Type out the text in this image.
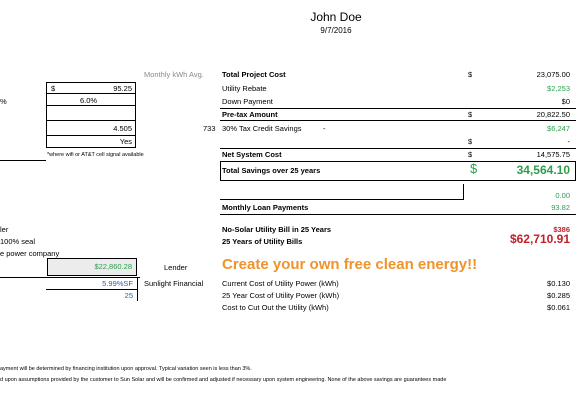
John Doe
9/7/2016
Monthly kWh Avg.
%
$	95.25
6.0%
4.505
Yes
*where wifi or AT&T cell signal available
Total Project Cost	$	23,075.00
Utility Rebate	$2,253
Down Payment	$0
Pre-tax Amount	$	20,822.50
733 30% Tax Credit Savings	-	$6,247
$	-
Net System Cost	$	14,575.75
Total Savings over 25 years	$	34,564.10
0.00
Monthly Loan Payments	93.82
ler
100% seal
e power company
No-Solar Utility Bill in 25 Years	$386
25 Years of Utility Bills	$62,710.91
$22,860.28	Lender
5.99%SF Sunlight Financial
25
Create your own free clean energy!!
Current Cost of Utility Power (kWh)	$0.130
25 Year Cost of Utility Power (kWh)	$0.285
Cost to Cut Out the Utility (kWh)	$0.061
ayment will be determined by financing institution upon approval. Typical variation seen is less than 3%.
d upon assumptions provided by the customer to Sun Solar and will be confirmed and adjusted if necessary upon system engineering. None of the above savings are guarantees made
